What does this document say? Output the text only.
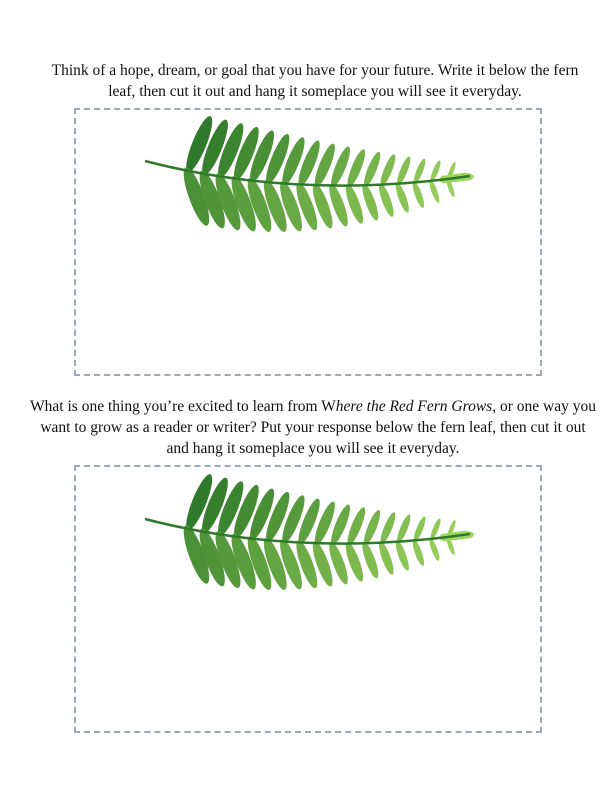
Think of a hope, dream, or goal that you have for your future. Write it below the fern leaf, then cut it out and hang it someplace you will see it everyday.

What is one thing you’re excited to learn from Where the Red Fern Grows, or one way you want to grow as a reader or writer? Put your response below the fern leaf, then cut it out and hang it someplace you will see it everyday.
